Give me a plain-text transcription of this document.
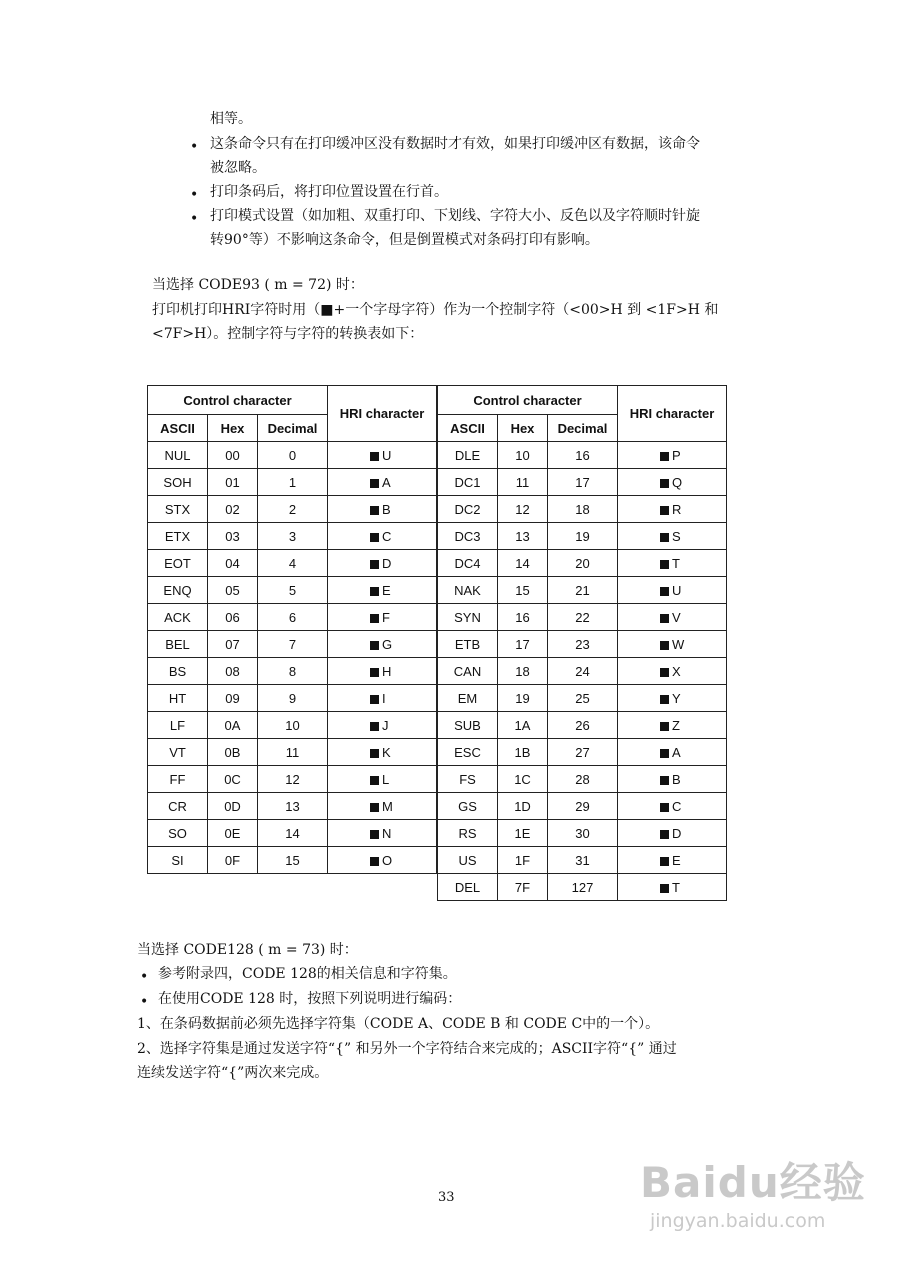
相等。
• 这条命令只有在打印缓冲区没有数据时才有效，如果打印缓冲区有数据，该命令
被忽略。
• 打印条码后，将打印位置设置在行首。
• 打印模式设置（如加粗、双重打印、下划线、字符大小、反色以及字符顺时针旋
转90°等）不影响这条命令，但是倒置模式对条码打印有影响。
当选择 CODE93 ( m = 72) 时：
打印机打印HRI字符时用（■+一个字母字符）作为一个控制字符（<00>H 到 <1F>H 和
<7F>H）。控制字符与字符的转换表如下：
Control character			HRI character
ASCII	Hex	Decimal	
NUL	00	0	U
SOH	01	1	A
STX	02	2	B
ETX	03	3	C
EOT	04	4	D
ENQ	05	5	E
ACK	06	6	F
BEL	07	7	G
BS	08	8	H
HT	09	9	I
LF	0A	10	J
VT	0B	11	K
FF	0C	12	L
CR	0D	13	M
SO	0E	14	N
SI	0F	15	O
Control character			HRI character
ASCII	Hex	Decimal	
DLE	10	16	P
DC1	11	17	Q
DC2	12	18	R
DC3	13	19	S
DC4	14	20	T
NAK	15	21	U
SYN	16	22	V
ETB	17	23	W
CAN	18	24	X
EM	19	25	Y
SUB	1A	26	Z
ESC	1B	27	A
FS	1C	28	B
GS	1D	29	C
RS	1E	30	D
US	1F	31	E
DEL	7F	127	T
当选择 CODE128 ( m = 73) 时：
• 参考附录四，CODE 128的相关信息和字符集。
• 在使用CODE 128 时，按照下列说明进行编码：
1、在条码数据前必须先选择字符集（CODE A、CODE B 和 CODE C中的一个）。
2、选择字符集是通过发送字符“{” 和另外一个字符结合来完成的；ASCII字符“{” 通过
连续发送字符“{”两次来完成。
33	Baidu经验
jingyan.baidu.com
